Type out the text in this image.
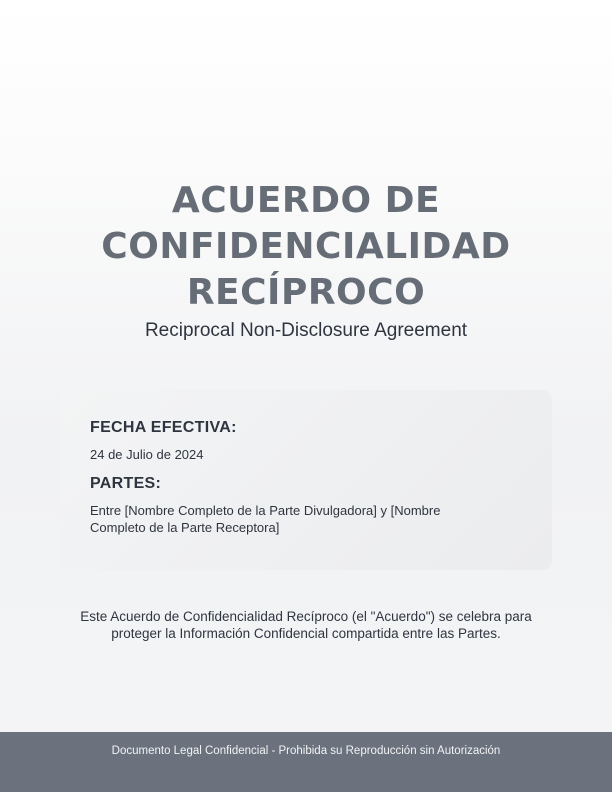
ACUERDO DE CONFIDENCIALIDAD RECÍPROCO

Reciprocal Non-Disclosure Agreement

FECHA EFECTIVA:

24 de Julio de 2024

PARTES:

Entre [Nombre Completo de la Parte Divulgadora] y [Nombre Completo de la Parte Receptora]

Este Acuerdo de Confidencialidad Recíproco (el "Acuerdo") se celebra para proteger la Información Confidencial compartida entre las Partes.

Documento Legal Confidencial - Prohibida su Reproducción sin Autorización
